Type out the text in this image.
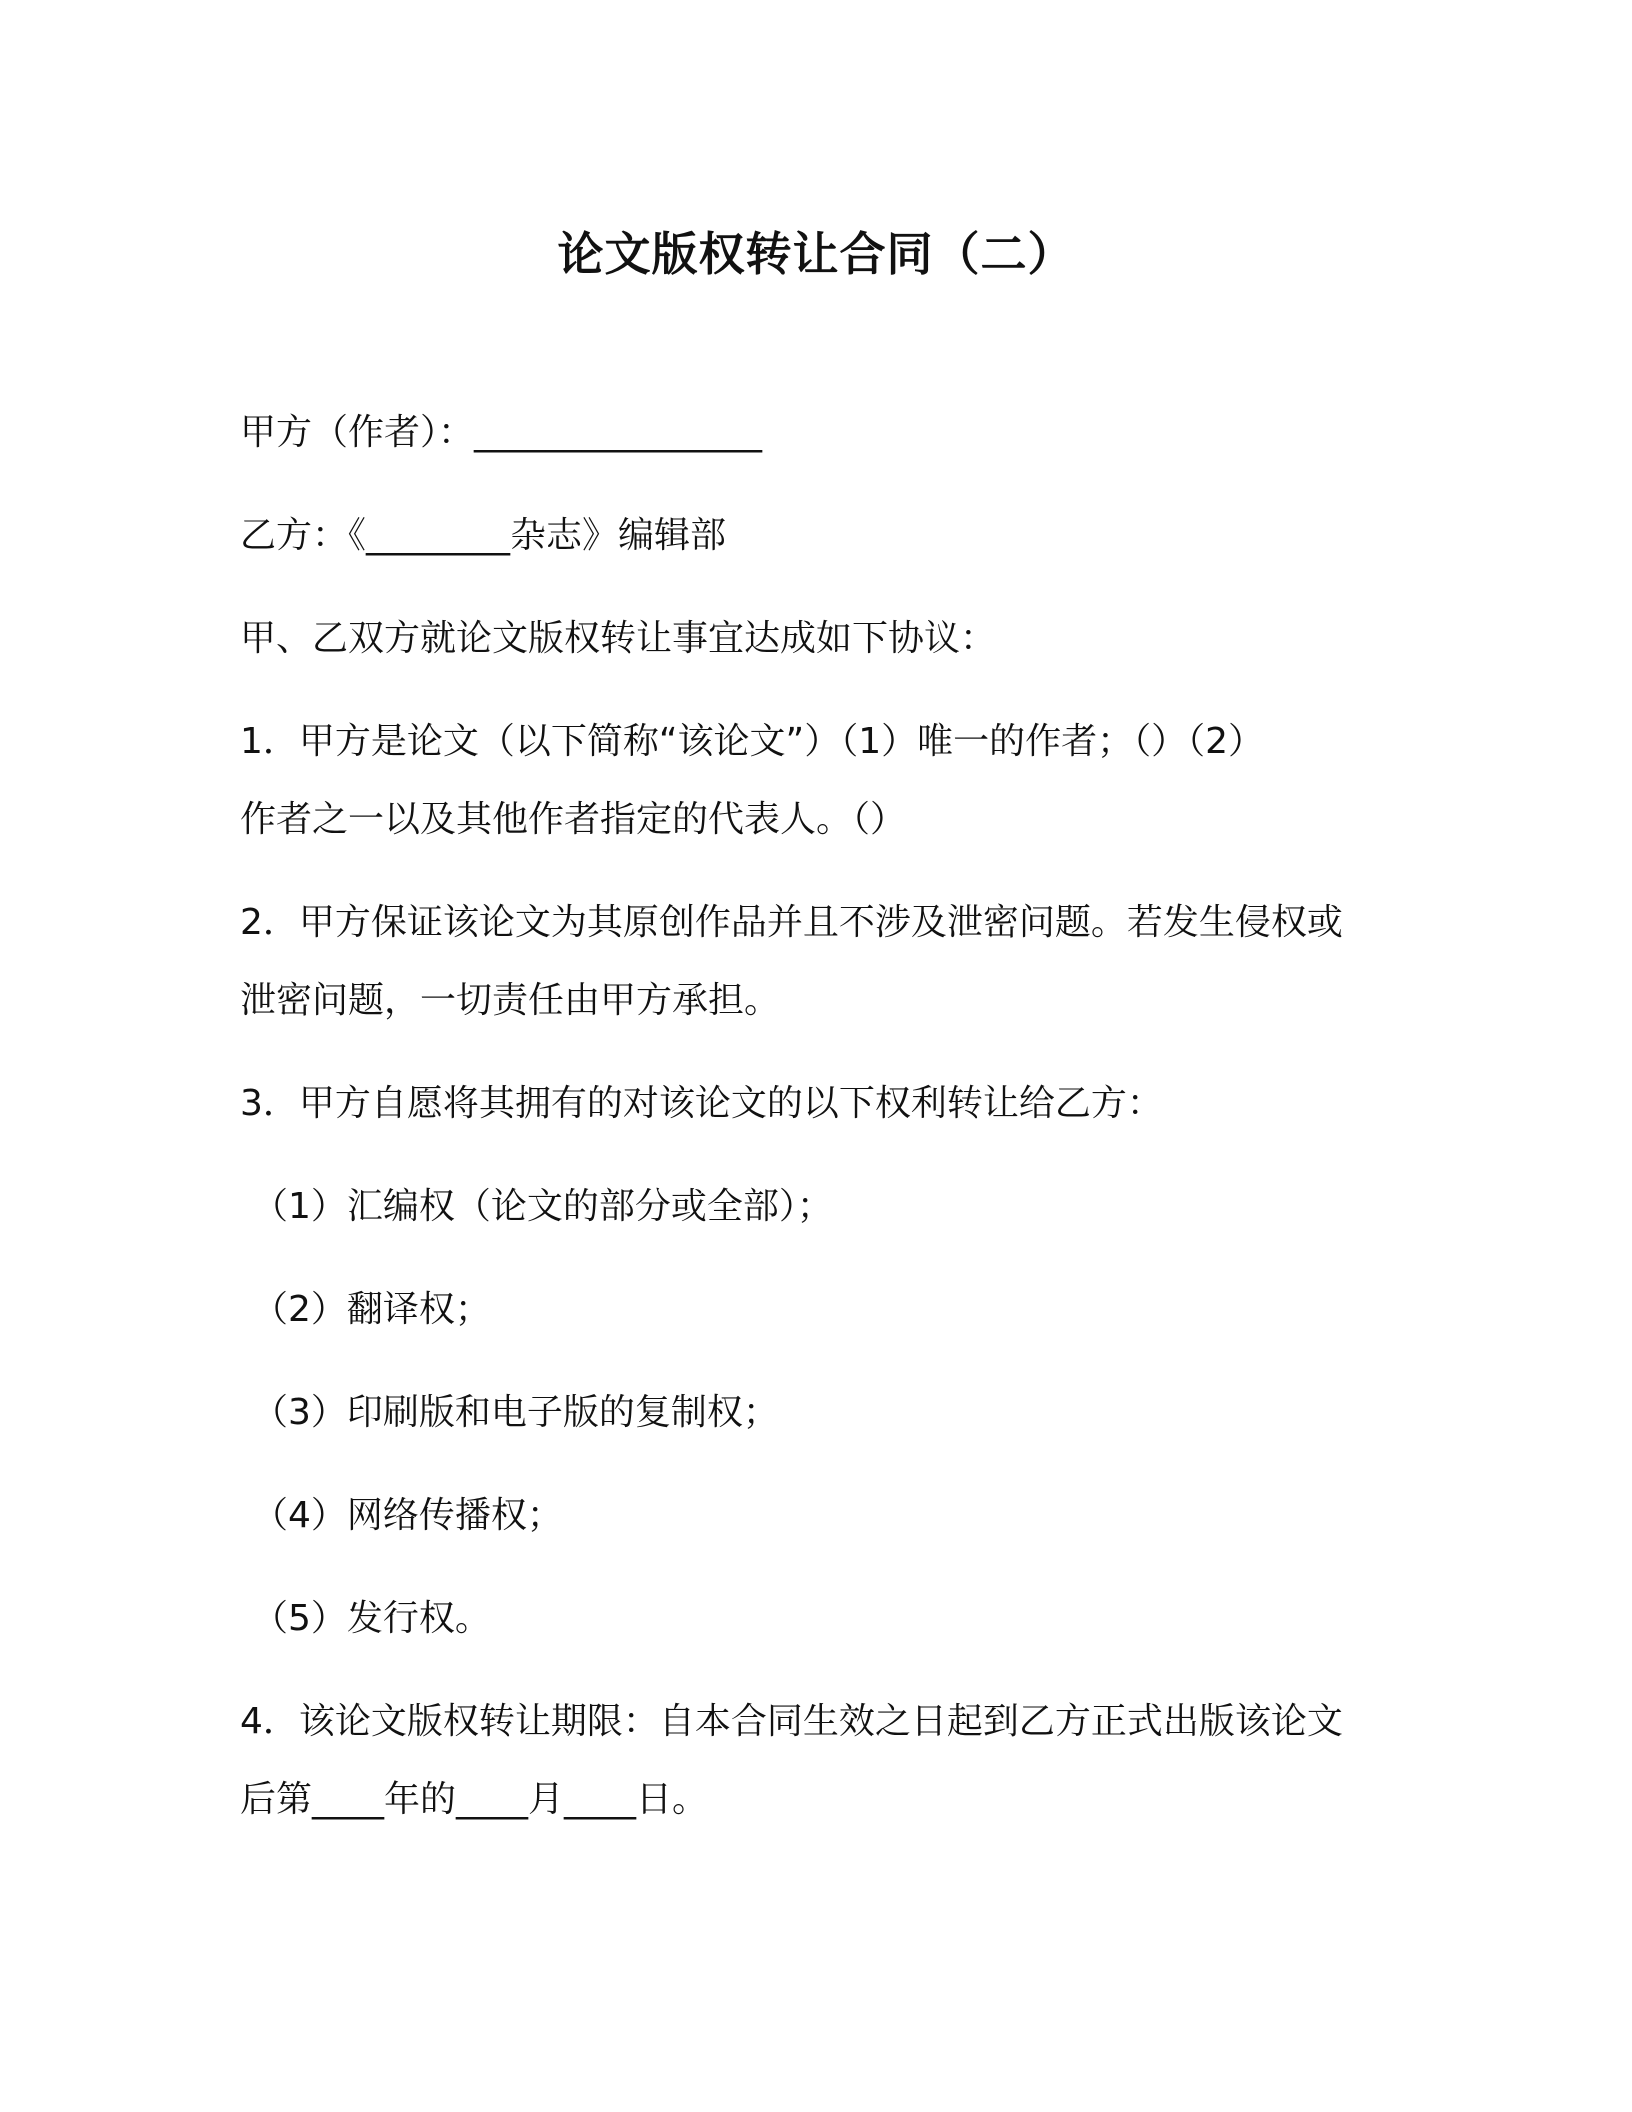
论文版权转让合同（二）

甲方（作者）：________________

乙方：《________杂志》编辑部

甲、乙双方就论文版权转让事宜达成如下协议：

1．甲方是论文（以下简称“该论文”）（1）唯一的作者；（）（2）
作者之一以及其他作者指定的代表人。（）

2．甲方保证该论文为其原创作品并且不涉及泄密问题。若发生侵权或
泄密问题，一切责任由甲方承担。

3．甲方自愿将其拥有的对该论文的以下权利转让给乙方：

（1）汇编权（论文的部分或全部）；

（2）翻译权；

（3）印刷版和电子版的复制权；

（4）网络传播权；

（5）发行权。

4．该论文版权转让期限：自本合同生效之日起到乙方正式出版该论文
后第____年的____月____日。
